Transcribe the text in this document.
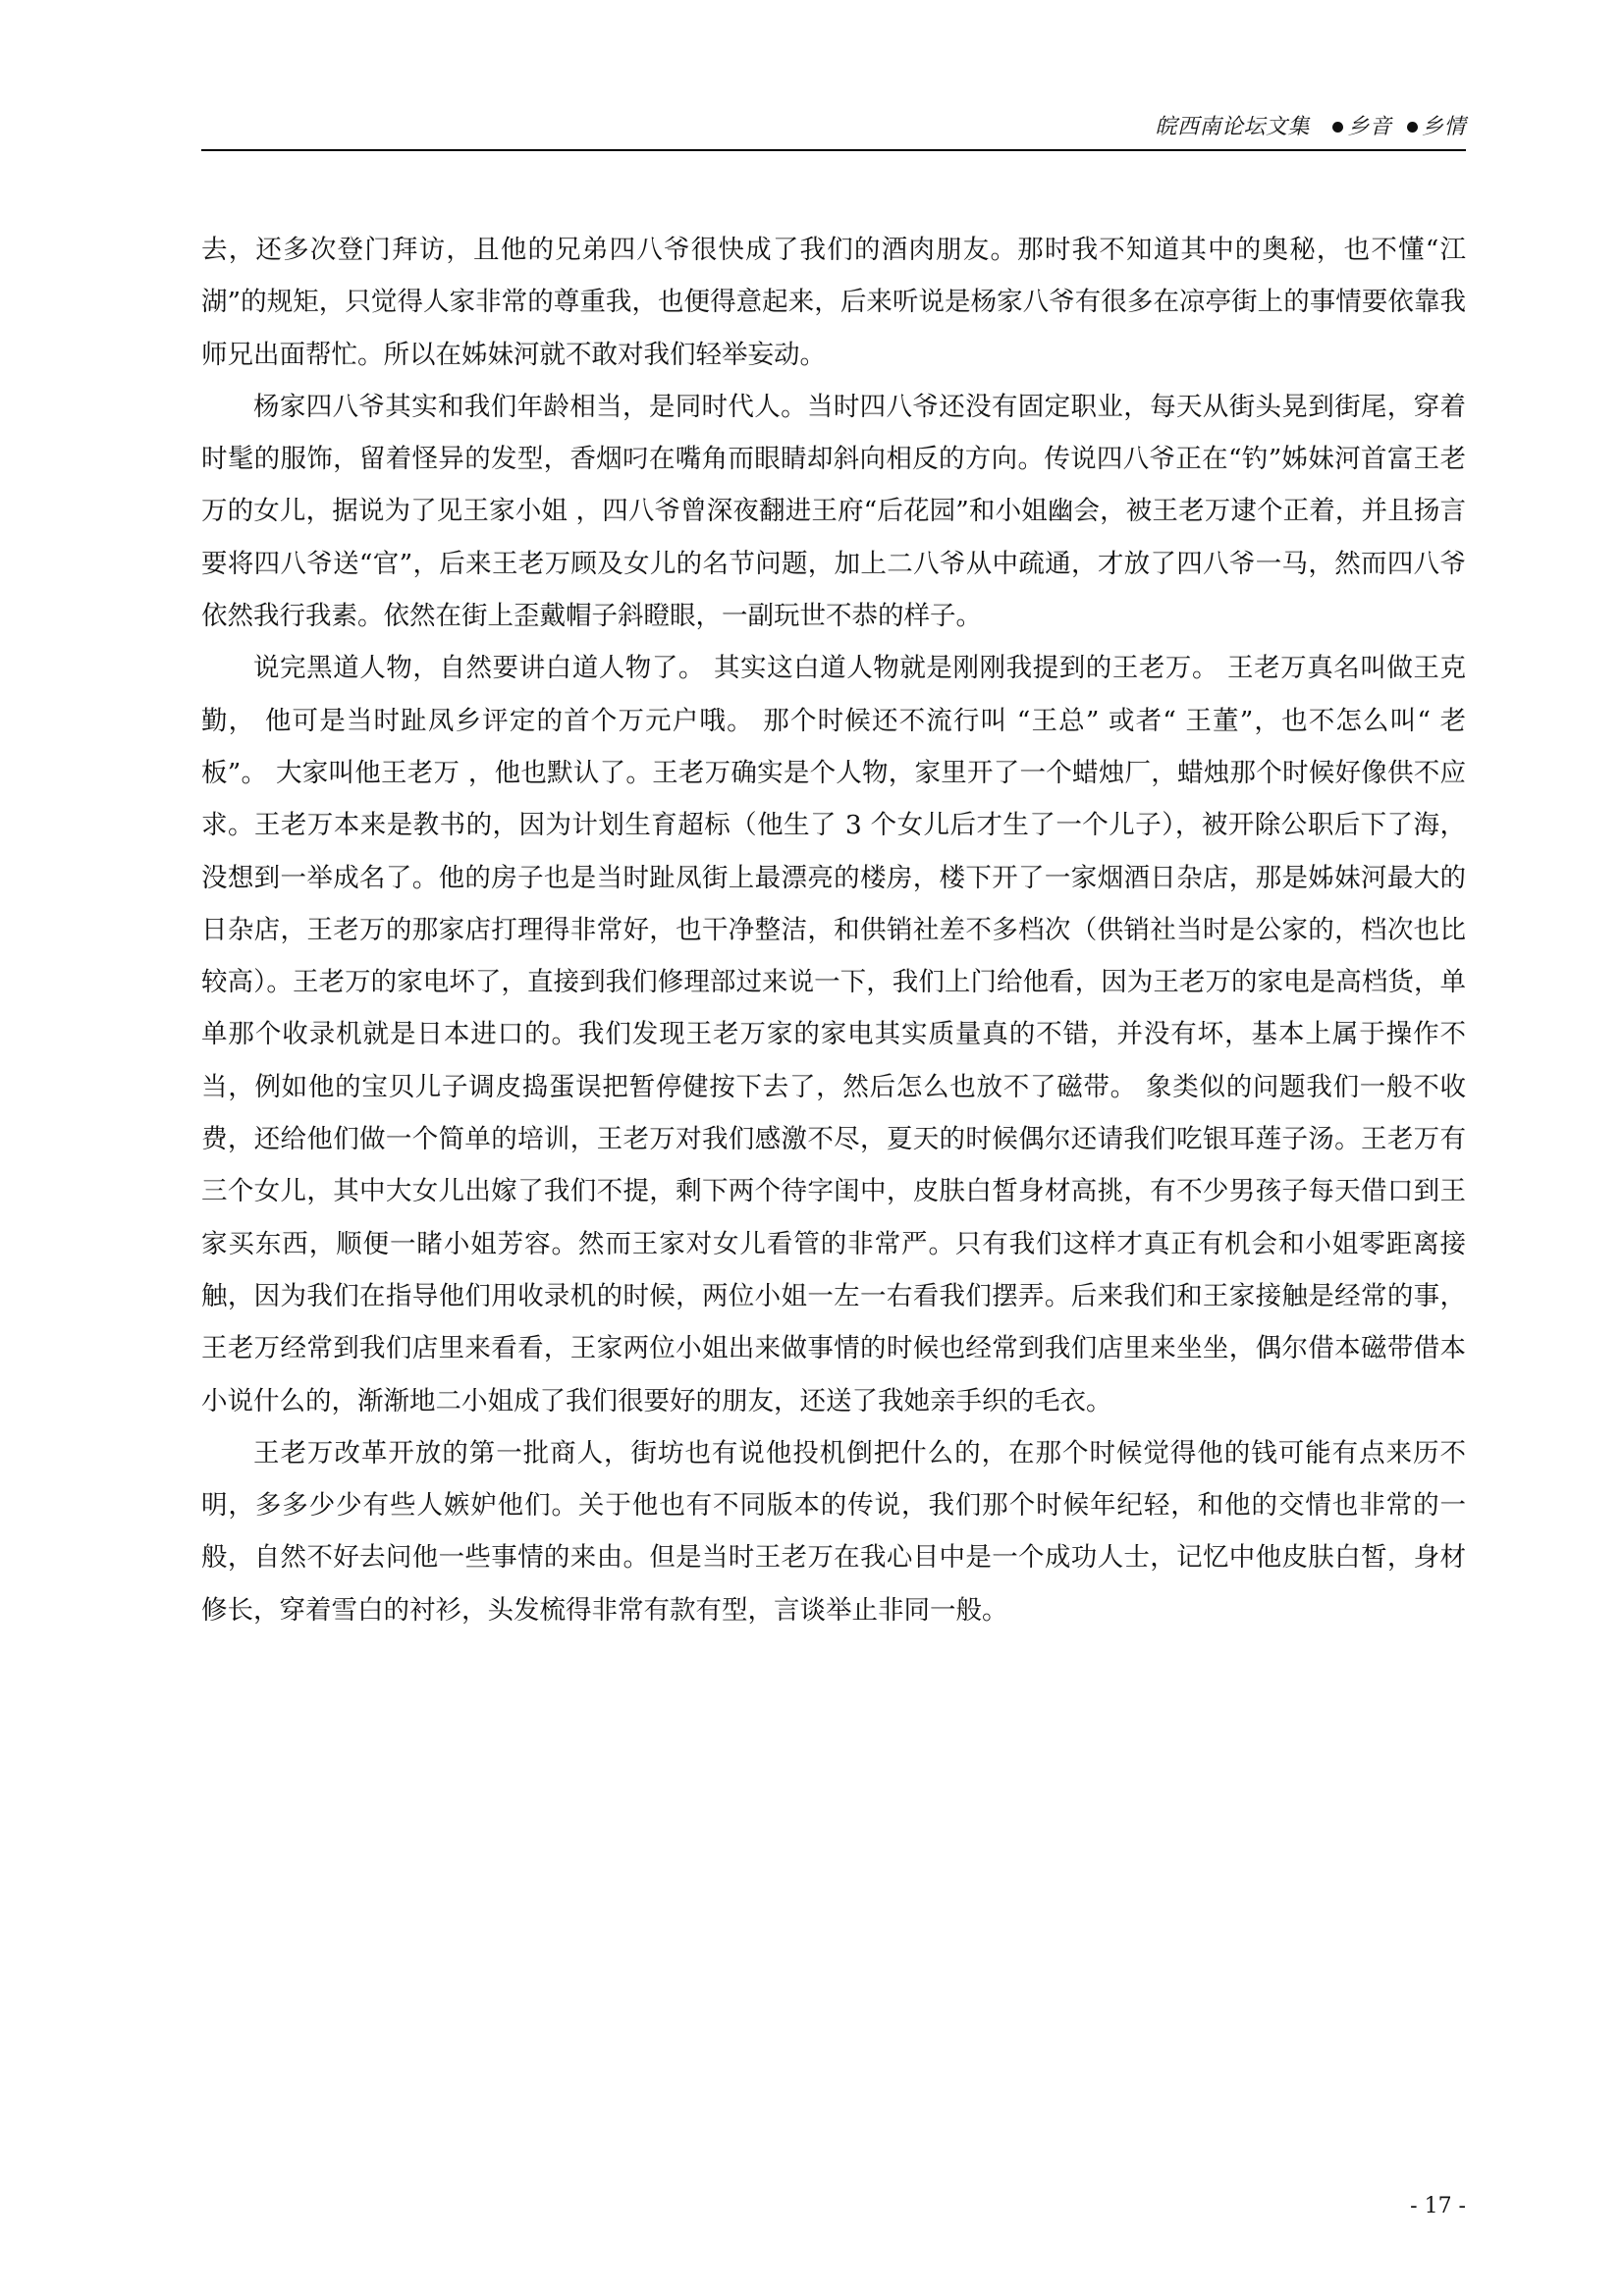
皖西南论坛文集 乡音 乡情

去，还多次登门拜访，且他的兄弟四八爷很快成了我们的酒肉朋友。那时我不知道其中的奥秘，也不懂“江湖”的规矩，只觉得人家非常的尊重我，也便得意起来，后来听说是杨家八爷有很多在凉亭街上的事情要依靠我师兄出面帮忙。所以在姊妹河就不敢对我们轻举妄动。

杨家四八爷其实和我们年龄相当，是同时代人。当时四八爷还没有固定职业，每天从街头晃到街尾，穿着时髦的服饰，留着怪异的发型，香烟叼在嘴角而眼睛却斜向相反的方向。传说四八爷正在“钓”姊妹河首富王老万的女儿，据说为了见王家小姐 ，四八爷曾深夜翻进王府“后花园”和小姐幽会，被王老万逮个正着，并且扬言要将四八爷送“官”，后来王老万顾及女儿的名节问题，加上二八爷从中疏通，才放了四八爷一马，然而四八爷依然我行我素。依然在街上歪戴帽子斜瞪眼，一副玩世不恭的样子。

说完黑道人物，自然要讲白道人物了。 其实这白道人物就是刚刚我提到的王老万。 王老万真名叫做王克勤， 他可是当时趾凤乡评定的首个万元户哦。 那个时候还不流行叫 “王总” 或者“ 王董”，也不怎么叫“ 老板”。 大家叫他王老万 ，他也默认了。王老万确实是个人物，家里开了一个蜡烛厂，蜡烛那个时候好像供不应求。王老万本来是教书的，因为计划生育超标（他生了 3 个女儿后才生了一个儿子），被开除公职后下了海，没想到一举成名了。他的房子也是当时趾凤街上最漂亮的楼房，楼下开了一家烟酒日杂店，那是姊妹河最大的日杂店，王老万的那家店打理得非常好，也干净整洁，和供销社差不多档次（供销社当时是公家的，档次也比较高）。王老万的家电坏了，直接到我们修理部过来说一下，我们上门给他看，因为王老万的家电是高档货，单单那个收录机就是日本进口的。我们发现王老万家的家电其实质量真的不错，并没有坏，基本上属于操作不当，例如他的宝贝儿子调皮捣蛋误把暂停健按下去了，然后怎么也放不了磁带。 象类似的问题我们一般不收费，还给他们做一个简单的培训，王老万对我们感激不尽，夏天的时候偶尔还请我们吃银耳莲子汤。王老万有三个女儿，其中大女儿出嫁了我们不提，剩下两个待字闺中，皮肤白皙身材高挑，有不少男孩子每天借口到王家买东西，顺便一睹小姐芳容。然而王家对女儿看管的非常严。只有我们这样才真正有机会和小姐零距离接触，因为我们在指导他们用收录机的时候，两位小姐一左一右看我们摆弄。后来我们和王家接触是经常的事，王老万经常到我们店里来看看，王家两位小姐出来做事情的时候也经常到我们店里来坐坐，偶尔借本磁带借本小说什么的，渐渐地二小姐成了我们很要好的朋友，还送了我她亲手织的毛衣。

王老万改革开放的第一批商人，街坊也有说他投机倒把什么的，在那个时候觉得他的钱可能有点来历不明，多多少少有些人嫉妒他们。关于他也有不同版本的传说，我们那个时候年纪轻，和他的交情也非常的一般，自然不好去问他一些事情的来由。但是当时王老万在我心目中是一个成功人士，记忆中他皮肤白皙，身材修长，穿着雪白的衬衫，头发梳得非常有款有型，言谈举止非同一般。

- 17 -
